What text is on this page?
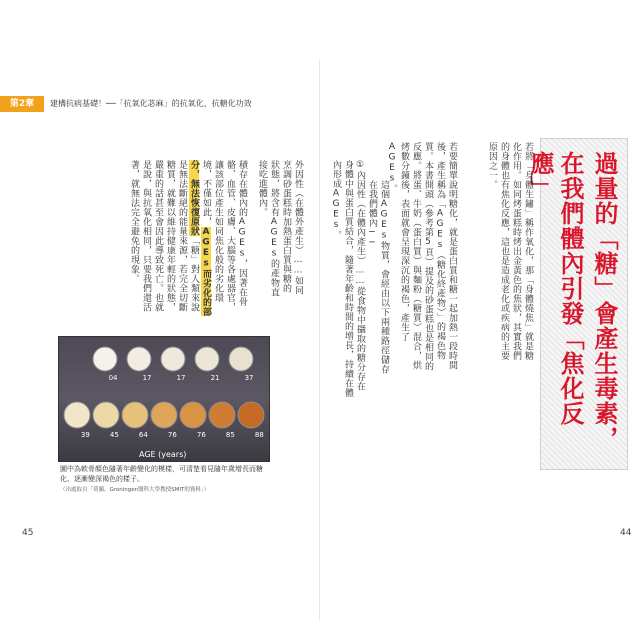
第2章	建構抗病基礎！──「抗氧化苾麻」的抗氧化、抗糖化功效
外因性（在體外產生）……如同烹調砂蛋糕時加熱蛋白質與糖的狀態，將含有AGEs的產物直接吃進體內。
積存在體內的AGEs，因著在骨骼、血管、皮膚、大腦等各處器官，讓該部位產生如同焦化般的劣化環境，不僅如此，AGEs而劣化的部分，無法恢復原狀「糖」對人類來說是無法斷絕的能量來源，若完全切斷糖質，就難以維持健康年輕的狀態，嚴重的話甚至會因此導致死亡。也就是說，與抗氧化相同，只要我們還活著，就無法完全避免的現象。
04	17	17	21	37
39	45	64	76	76	85	88
AGE (years)
圖中為軟骨顏色隨著年齡變化的模樣，可清楚看見隨年歲增長而糖化、逐漸變深褐色的樣子。
（出處取自「荷蘭，Groningen醫科大學教授SMIT的資料」）
45
過量的「糖」會產生毒素，
在我們體內引發「焦化反應」
若將「身體生鏽」稱作氧化，那「身體燒焦」就是糖化作用。如同烤蛋糕時烤出金黃色的焦狀，其實我們的身體也有焦化反應，這也是造成老化或疾病的主要原因之一。
若要簡單說明糖化，就是蛋白質和糖一起加熱一段時間後，產生稱為「AGEs（糖化終產物）」的褐色物質。本書開頭（參考第5頁）提及的砂蛋糕也是相同的反應。將蛋、牛奶（蛋白質）與麵粉（糖質）混合，烘烤數分鐘後，表面就會呈現深沉的褐色，產生了AGEs。
這個AGEs物質，會經由以下兩種路徑儲存在我們體內──
①內因性（在體內產生）……從食物中攝取的糖分存在身體中與蛋白質結合，隨著年齡和時間的增長，持續在體內形成AGEs。
44
